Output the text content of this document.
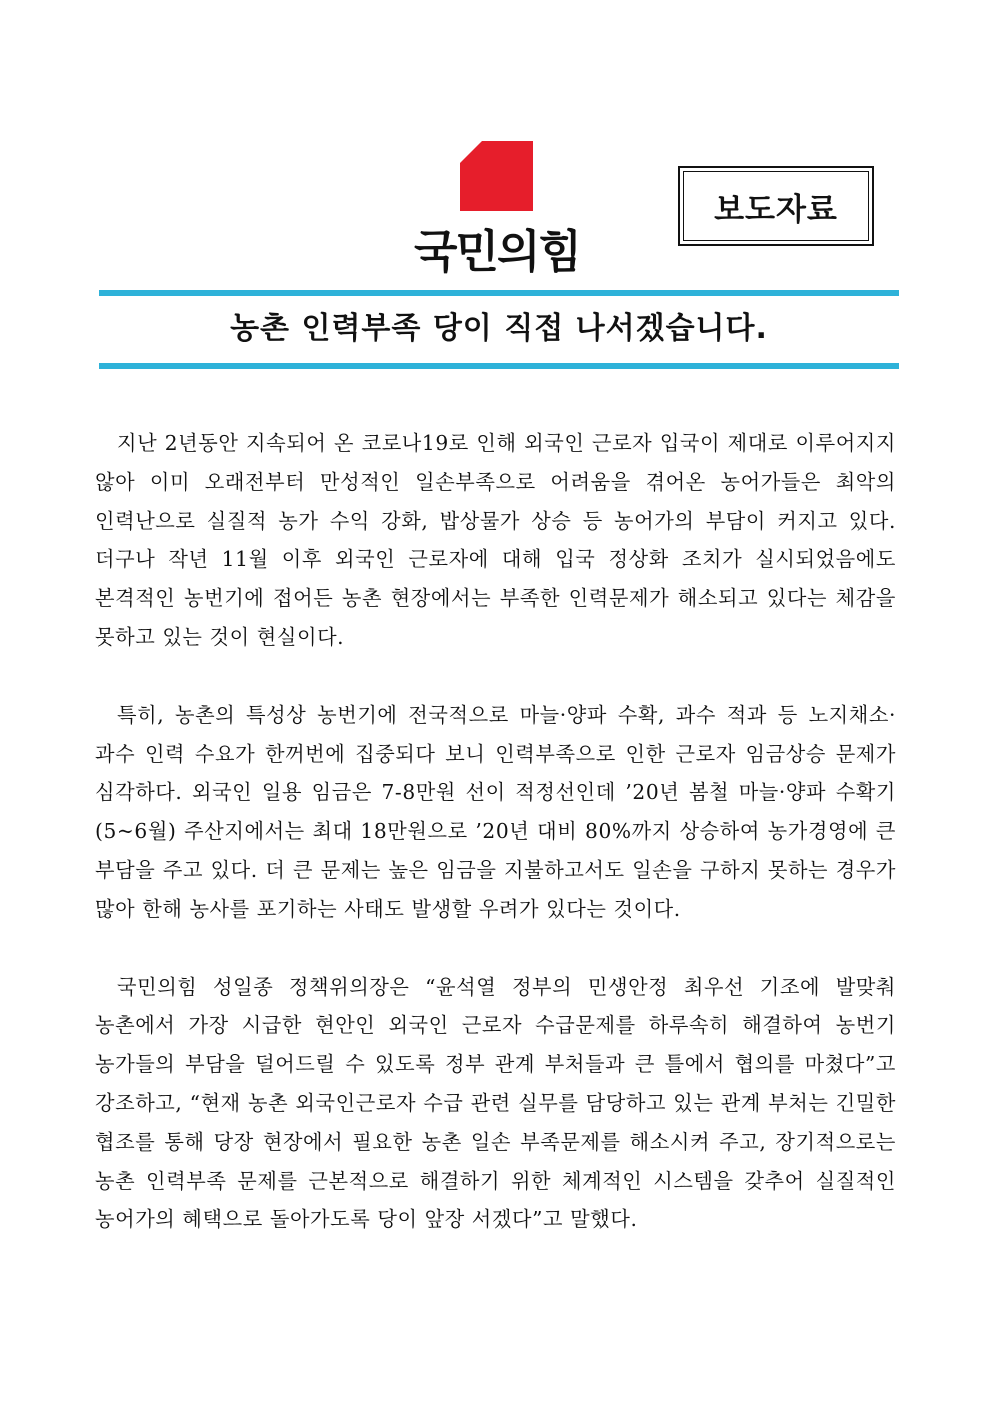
국민의힘
보도자료
농촌 인력부족 당이 직접 나서겠습니다.

지난 2년동안 지속되어 온 코로나19로 인해 외국인 근로자 입국이 제대로 이루어지지 않아 이미 오래전부터 만성적인 일손부족으로 어려움을 겪어온 농어가들은 최악의 인력난으로 실질적 농가 수익 강화, 밥상물가 상승 등 농어가의 부담이 커지고 있다. 더구나 작년 11월 이후 외국인 근로자에 대해 입국 정상화 조치가 실시되었음에도 본격적인 농번기에 접어든 농촌 현장에서는 부족한 인력문제가 해소되고 있다는 체감을 못하고 있는 것이 현실이다.

특히, 농촌의 특성상 농번기에 전국적으로 마늘·양파 수확, 과수 적과 등 노지채소·과수 인력 수요가 한꺼번에 집중되다 보니 인력부족으로 인한 근로자 임금상승 문제가 심각하다. 외국인 일용 임금은 7-8만원 선이 적정선인데 ’20년 봄철 마늘·양파 수확기(5~6월) 주산지에서는 최대 18만원으로 ’20년 대비 80%까지 상승하여 농가경영에 큰 부담을 주고 있다. 더 큰 문제는 높은 임금을 지불하고서도 일손을 구하지 못하는 경우가 많아 한해 농사를 포기하는 사태도 발생할 우려가 있다는 것이다.

국민의힘 성일종 정책위의장은 “윤석열 정부의 민생안정 최우선 기조에 발맞춰 농촌에서 가장 시급한 현안인 외국인 근로자 수급문제를 하루속히 해결하여 농번기 농가들의 부담을 덜어드릴 수 있도록 정부 관계 부처들과 큰 틀에서 협의를 마쳤다”고 강조하고, “현재 농촌 외국인근로자 수급 관련 실무를 담당하고 있는 관계 부처는 긴밀한 협조를 통해 당장 현장에서 필요한 농촌 일손 부족문제를 해소시켜 주고, 장기적으로는 농촌 인력부족 문제를 근본적으로 해결하기 위한 체계적인 시스템을 갖추어 실질적인 농어가의 혜택으로 돌아가도록 당이 앞장 서겠다”고 말했다.
